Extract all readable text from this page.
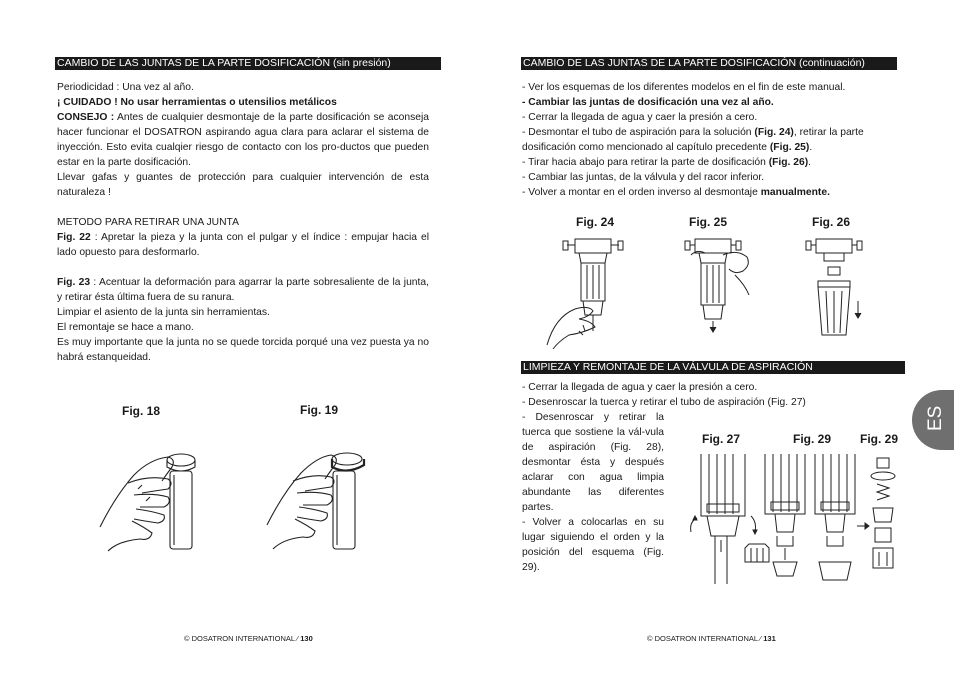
CAMBIO DE LAS JUNTAS DE LA PARTE DOSIFICACIÓN (sin presión)

Periodicidad : Una vez al año.

¡ CUIDADO ! No usar herramientas o utensilios metálicos

CONSEJO : Antes de cualquier desmontaje de la parte dosificación se aconseja hacer funcionar el DOSATRON aspirando agua clara para aclarar el sistema de inyección. Esto evita cualqier riesgo de contacto con los pro-ductos que pueden estar en la parte dosificación.

Llevar gafas y guantes de protección para cualquier intervención de esta naturaleza !

METODO PARA RETIRAR UNA JUNTA

Fig. 22 : Apretar la pieza y la junta con el pulgar y el índice : empujar hacia el lado opuesto para desformarlo.

Fig. 23 : Acentuar la deformación para agarrar la parte sobresaliente de la junta, y retirar ésta última fuera de su ranura.

Limpiar el asiento de la junta sin herramientas.

El remontaje se hace a mano.

Es muy importante que la junta no se quede torcida porqué una vez puesta ya no habrá estanqueidad.

Fig. 18	Fig. 19
© DOSATRON INTERNATIONAL ⁄ 130
CAMBIO DE LAS JUNTAS DE LA PARTE DOSIFICACIÓN (continuación)

- Ver los esquemas de los diferentes modelos en el fin de este manual.

- Cambiar las juntas de dosificación una vez al año.

- Cerrar la llegada de agua y caer la presión a cero.

- Desmontar el tubo de aspiración para la solución (Fig. 24), retirar la parte dosificación como mencionado al capítulo precedente (Fig. 25).

- Tirar hacia abajo para retirar la parte de dosificación (Fig. 26).

- Cambiar las juntas, de la válvula y del racor inferior.

- Volver a montar en el orden inverso al desmontaje manualmente.

Fig. 24	Fig. 25	Fig. 26
LIMPIEZA Y REMONTAJE DE LA VÁLVULA DE ASPIRACIÓN

- Cerrar la llegada de agua y caer la presión a cero.

- Desenroscar la tuerca y retirar el tubo de aspiración (Fig. 27)

- Desenroscar y retirar la tuerca que sostiene la vál-vula de aspiración (Fig. 28), desmontar ésta y después aclarar con agua limpia abundante las diferentes partes.

- Volver a colocarlas en su lugar siguiendo el orden y la posición del esquema (Fig. 29).

Fig. 27	Fig. 29 Fig. 29
ES
© DOSATRON INTERNATIONAL ⁄ 131
